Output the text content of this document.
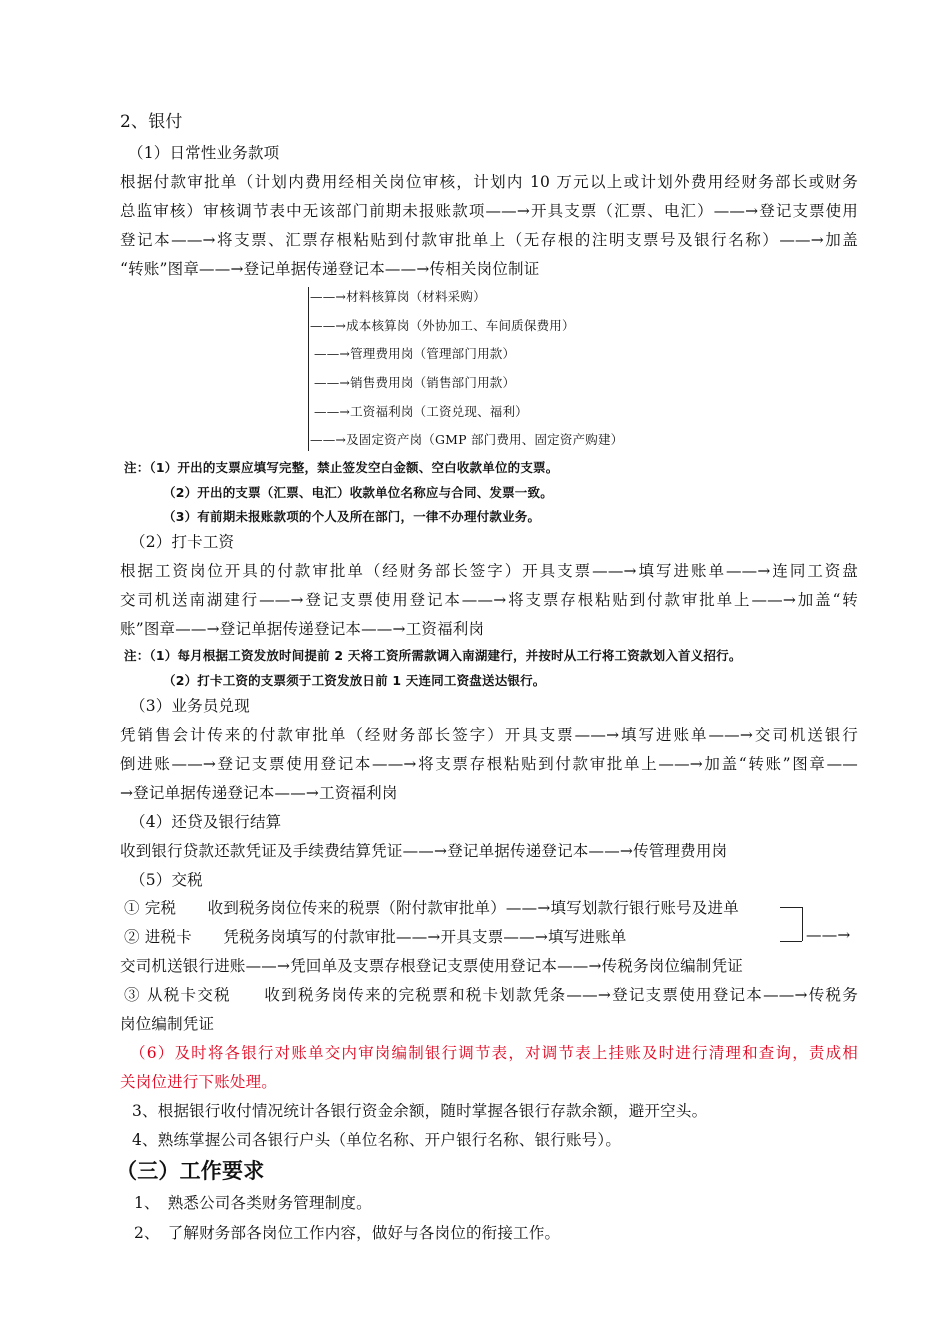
2、银付
（1）日常性业务款项
根据付款审批单（计划内费用经相关岗位审核，计划内 10 万元以上或计划外费用经财务部长或财务
总监审核）审核调节表中无该部门前期未报账款项——→开具支票（汇票、电汇）——→登记支票使用
登记本——→将支票、汇票存根粘贴到付款审批单上（无存根的注明支票号及银行名称）——→加盖
“转账”图章——→登记单据传递登记本——→传相关岗位制证
——→材料核算岗（材料采购）
——→成本核算岗（外协加工、车间质保费用）
——→管理费用岗（管理部门用款）
——→销售费用岗（销售部门用款）
——→工资福利岗（工资兑现、福利）
——→及固定资产岗（GMP 部门费用、固定资产购建）
注：（1）开出的支票应填写完整，禁止签发空白金额、空白收款单位的支票。
（2）开出的支票（汇票、电汇）收款单位名称应与合同、发票一致。
（3）有前期未报账款项的个人及所在部门，一律不办理付款业务。
（2）打卡工资
根据工资岗位开具的付款审批单（经财务部长签字）开具支票——→填写进账单——→连同工资盘
交司机送南湖建行——→登记支票使用登记本——→将支票存根粘贴到付款审批单上——→加盖“转
账”图章——→登记单据传递登记本——→工资福利岗
注：（1）每月根据工资发放时间提前 2 天将工资所需款调入南湖建行，并按时从工行将工资款划入首义招行。
（2）打卡工资的支票须于工资发放日前 1 天连同工资盘送达银行。
（3）业务员兑现
凭销售会计传来的付款审批单（经财务部长签字）开具支票——→填写进账单——→交司机送银行
倒进账——→登记支票使用登记本——→将支票存根粘贴到付款审批单上——→加盖“转账”图章——
→登记单据传递登记本——→工资福利岗
（4）还贷及银行结算
收到银行贷款还款凭证及手续费结算凭证——→登记单据传递登记本——→传管理费用岗
（5）交税
① 完税　　收到税务岗位传来的税票（附付款审批单）——→填写划款行银行账号及进单
② 进税卡　　凭税务岗填写的付款审批——→开具支票——→填写进账单	——→
交司机送银行进账——→凭回单及支票存根登记支票使用登记本——→传税务岗位编制凭证
③ 从税卡交税　　收到税务岗传来的完税票和税卡划款凭条——→登记支票使用登记本——→传税务
岗位编制凭证
（6）及时将各银行对账单交内审岗编制银行调节表，对调节表上挂账及时进行清理和查询，责成相
关岗位进行下账处理。
3、根据银行收付情况统计各银行资金余额，随时掌握各银行存款余额，避开空头。
4、熟练掌握公司各银行户头（单位名称、开户银行名称、银行账号）。
（三）工作要求
1、　熟悉公司各类财务管理制度。
2、　了解财务部各岗位工作内容，做好与各岗位的衔接工作。
